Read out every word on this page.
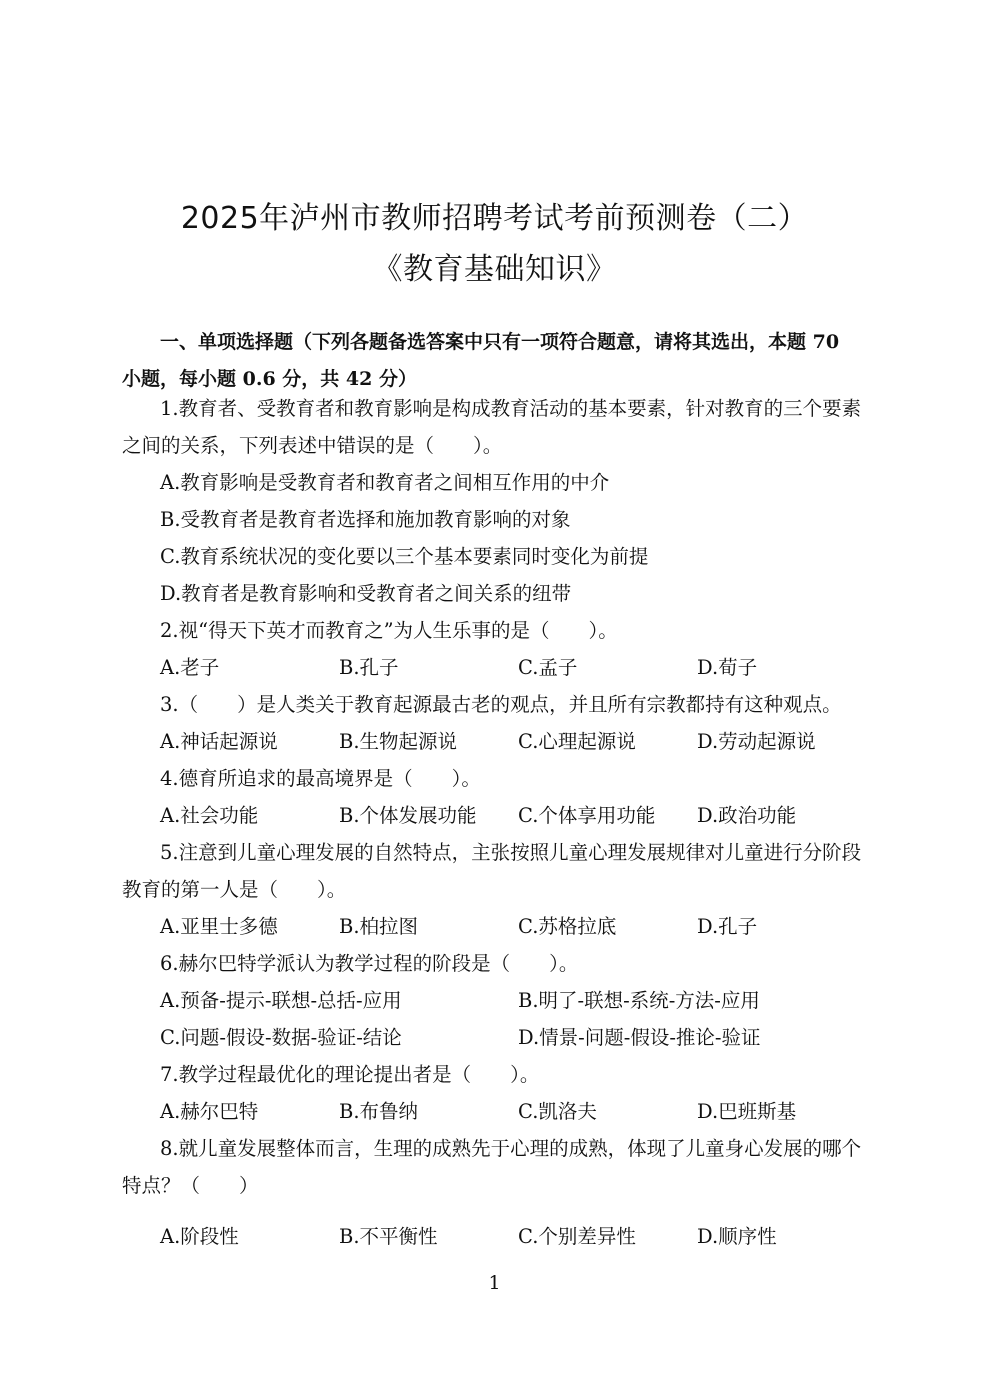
2025年泸州市教师招聘考试考前预测卷（二）
《教育基础知识》
一、单项选择题（下列各题备选答案中只有一项符合题意，请将其选出，本题 70
小题，每小题 0.6 分，共 42 分）
1.教育者、受教育者和教育影响是构成教育活动的基本要素，针对教育的三个要素
之间的关系，下列表述中错误的是（　　）。
A.教育影响是受教育者和教育者之间相互作用的中介
B.受教育者是教育者选择和施加教育影响的对象
C.教育系统状况的变化要以三个基本要素同时变化为前提
D.教育者是教育影响和受教育者之间关系的纽带
2.视“得天下英才而教育之”为人生乐事的是（　　）。
A.老子	B.孔子	C.孟子	D.荀子
3.（　　）是人类关于教育起源最古老的观点，并且所有宗教都持有这种观点。
A.神话起源说	B.生物起源说	C.心理起源说	D.劳动起源说
4.德育所追求的最高境界是（　　）。
A.社会功能	B.个体发展功能 C.个体享用功能 D.政治功能
5.注意到儿童心理发展的自然特点，主张按照儿童心理发展规律对儿童进行分阶段
教育的第一人是（　　）。
A.亚里士多德	B.柏拉图	C.苏格拉底	D.孔子
6.赫尔巴特学派认为教学过程的阶段是（　　）。
A.预备-提示-联想-总括-应用	B.明了-联想-系统-方法-应用
C.问题-假设-数据-验证-结论	D.情景-问题-假设-推论-验证
7.教学过程最优化的理论提出者是（　　）。
A.赫尔巴特	B.布鲁纳	C.凯洛夫	D.巴班斯基
8.就儿童发展整体而言，生理的成熟先于心理的成熟，体现了儿童身心发展的哪个
特点？（　　）
A.阶段性	B.不平衡性	C.个别差异性	D.顺序性
1
